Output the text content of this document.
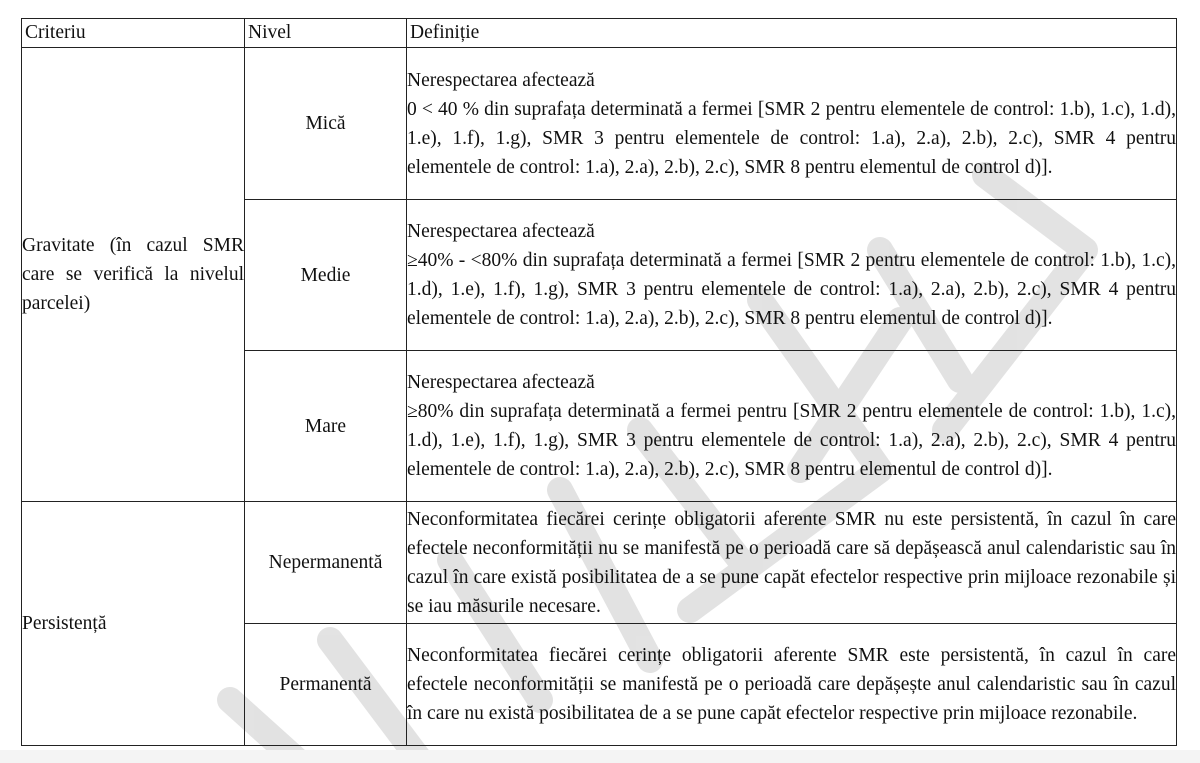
Criteriu	Nivel	Definiție
Gravitate (în cazul SMR care se verifică la nivelul parcelei)	Mică	Nerespectarea afectează
0 < 40 % din suprafața determinată a fermei [SMR 2 pentru elementele de control: 1.b), 1.c), 1.d), 1.e), 1.f), 1.g), SMR 3 pentru elementele de control: 1.a), 2.a), 2.b), 2.c), SMR 4 pentru elementele de control: 1.a), 2.a), 2.b), 2.c), SMR 8 pentru elementul de control d)].

	Medie	Nerespectarea afectează
≥40% - <80% din suprafața determinată a fermei [SMR 2 pentru elementele de control: 1.b), 1.c), 1.d), 1.e), 1.f), 1.g), SMR 3 pentru elementele de control: 1.a), 2.a), 2.b), 2.c), SMR 4 pentru elementele de control: 1.a), 2.a), 2.b), 2.c), SMR 8 pentru elementul de control d)].

	Mare	Nerespectarea afectează
≥80% din suprafața determinată a fermei pentru [SMR 2 pentru elementele de control: 1.b), 1.c), 1.d), 1.e), 1.f), 1.g), SMR 3 pentru elementele de control: 1.a), 2.a), 2.b), 2.c), SMR 4 pentru elementele de control: 1.a), 2.a), 2.b), 2.c), SMR 8 pentru elementul de control d)].

Persistență	Nepermanentă	Neconformitatea fiecărei cerințe obligatorii aferente SMR nu este persistentă, în cazul în care efectele neconformității nu se manifestă pe o perioadă care să depășească anul calendaristic sau în cazul în care există posibilitatea de a se pune capăt efectelor respective prin mijloace rezonabile și se iau măsurile necesare.
	Permanentă	Neconformitatea fiecărei cerințe obligatorii aferente SMR este persistentă, în cazul în care efectele neconformității se manifestă pe o perioadă care depășește anul calendaristic sau în cazul în care nu există posibilitatea de a se pune capăt efectelor respective prin mijloace rezonabile.
